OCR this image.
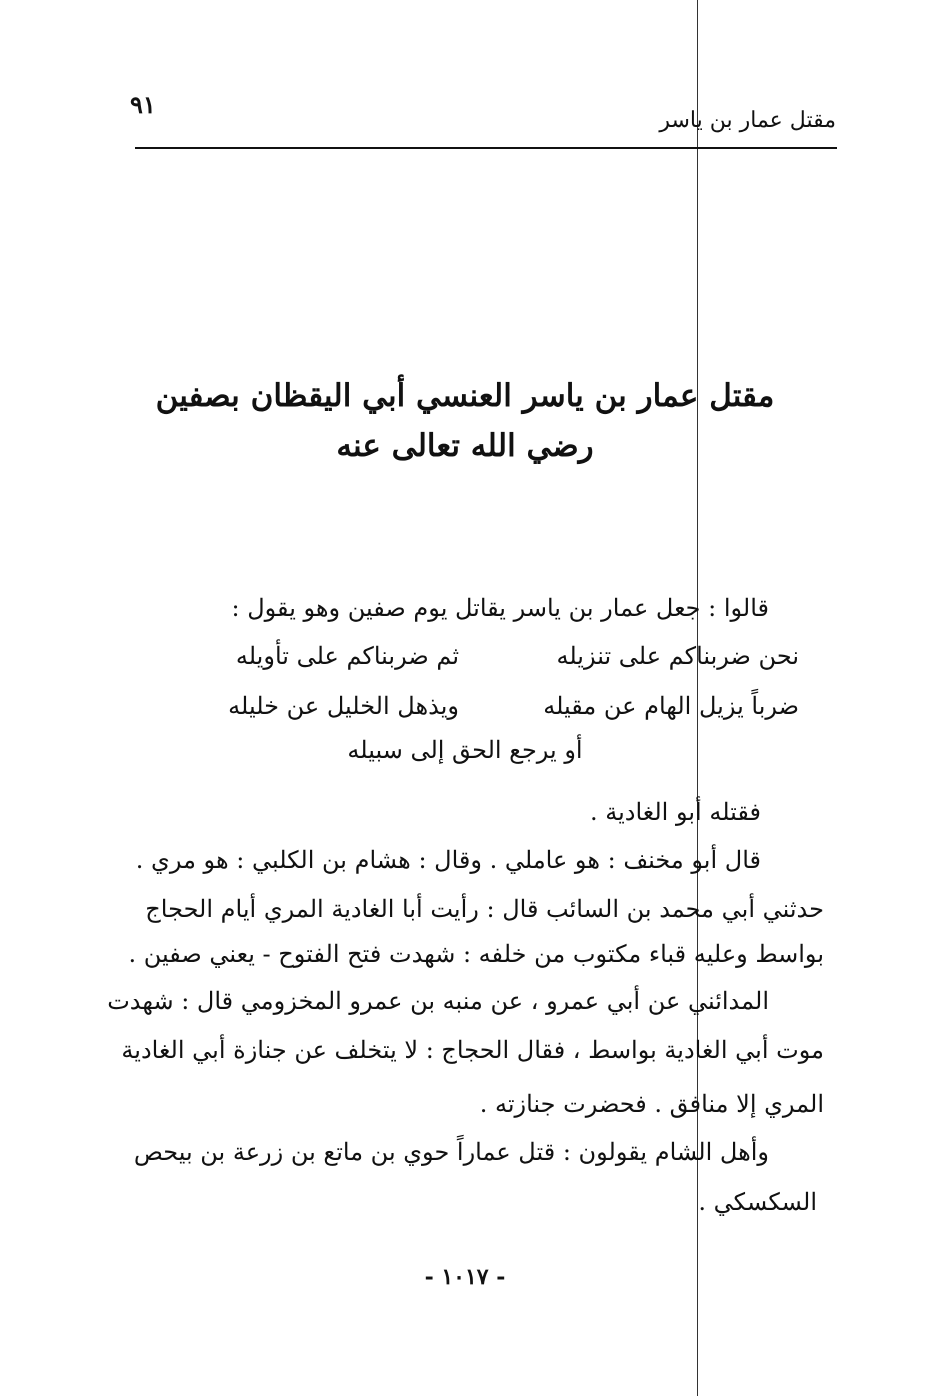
٩١
مقتل عمار بن ياسر
مقتل عمار بن ياسر العنسي أبي اليقظان بصفين
رضي الله تعالى عنه
قالوا : جعل عمار بن ياسر يقاتل يوم صفين وهو يقول :
نحن ضربناكم على تنزيله
ثم ضربناكم على تأويله
ضرباً يزيل الهام عن مقيله
ويذهل الخليل عن خليله
أو يرجع الحق إلى سبيله
فقتله أبو الغادية .
قال أبو مخنف : هو عاملي . وقال : هشام بن الكلبي : هو مري .
حدثني أبي محمد بن السائب قال : رأيت أبا الغادية المري أيام الحجاج
بواسط وعليه قباء مكتوب من خلفه : شهدت فتح الفتوح - يعني صفين .
المدائني عن أبي عمرو ، عن منبه بن عمرو المخزومي قال : شهدت
موت أبي الغادية بواسط ، فقال الحجاج : لا يتخلف عن جنازة أبي الغادية
المري إلا منافق . فحضرت جنازته .
وأهل الشام يقولون : قتل عماراً حوي بن ماتع بن زرعة بن بيحص
السكسكي .
- ١٠١٧ -
